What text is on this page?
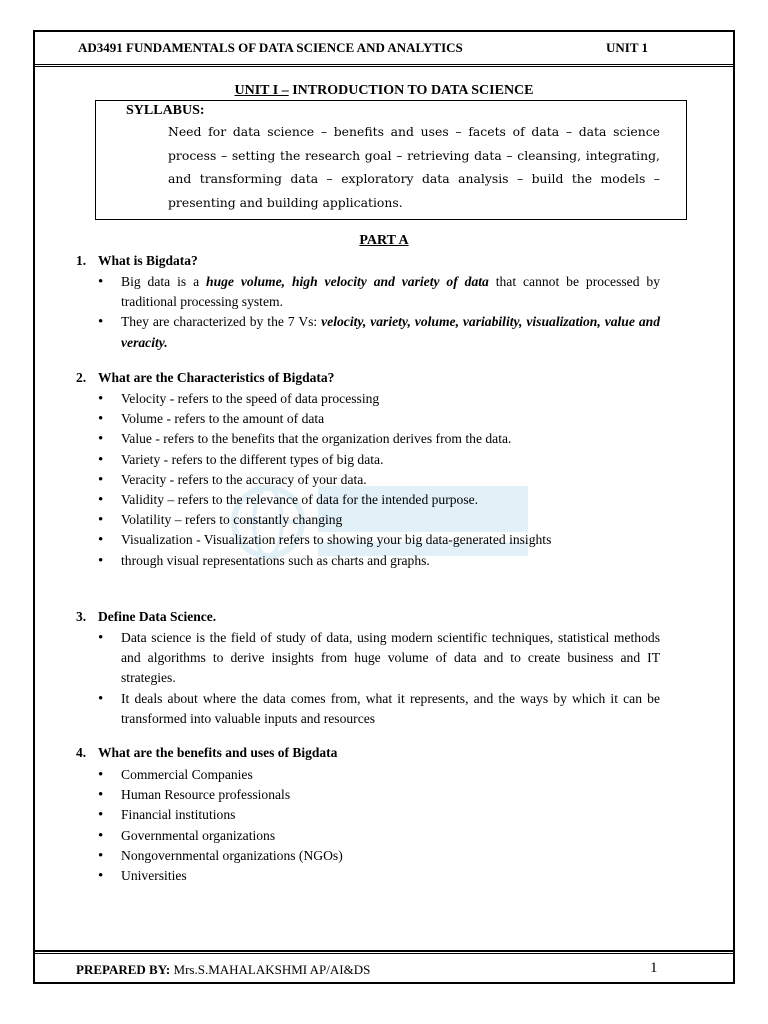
AD3491 FUNDAMENTALS OF DATA SCIENCE AND ANALYTICS	UNIT 1
UNIT I – INTRODUCTION TO DATA SCIENCE
SYLLABUS:
Need for data science – benefits and uses – facets of data – data science process – setting the research goal – retrieving data – cleansing, integrating, and transforming data – exploratory data analysis – build the models – presenting and building applications.
PART A
1. What is Bigdata?
• Big data is a huge volume, high velocity and variety of data that cannot be processed by traditional processing system.
• They are characterized by the 7 Vs: velocity, variety, volume, variability, visualization, value and veracity.
2. What are the Characteristics of Bigdata?
• Velocity - refers to the speed of data processing
• Volume - refers to the amount of data
• Value - refers to the benefits that the organization derives from the data.
• Variety - refers to the different types of big data.
• Veracity - refers to the accuracy of your data.
• Validity – refers to the relevance of data for the intended purpose.
• Volatility – refers to constantly changing
• Visualization - Visualization refers to showing your big data-generated insights
• through visual representations such as charts and graphs.
3. Define Data Science.
• Data science is the field of study of data, using modern scientific techniques, statistical methods and algorithms to derive insights from huge volume of data and to create business and IT strategies.
• It deals about where the data comes from, what it represents, and the ways by which it can be transformed into valuable inputs and resources
4. What are the benefits and uses of Bigdata
• Commercial Companies
• Human Resource professionals
• Financial institutions
• Governmental organizations
• Nongovernmental organizations (NGOs)
• Universities
PREPARED BY: Mrs.S.MAHALAKSHMI AP/AI&DS	1
